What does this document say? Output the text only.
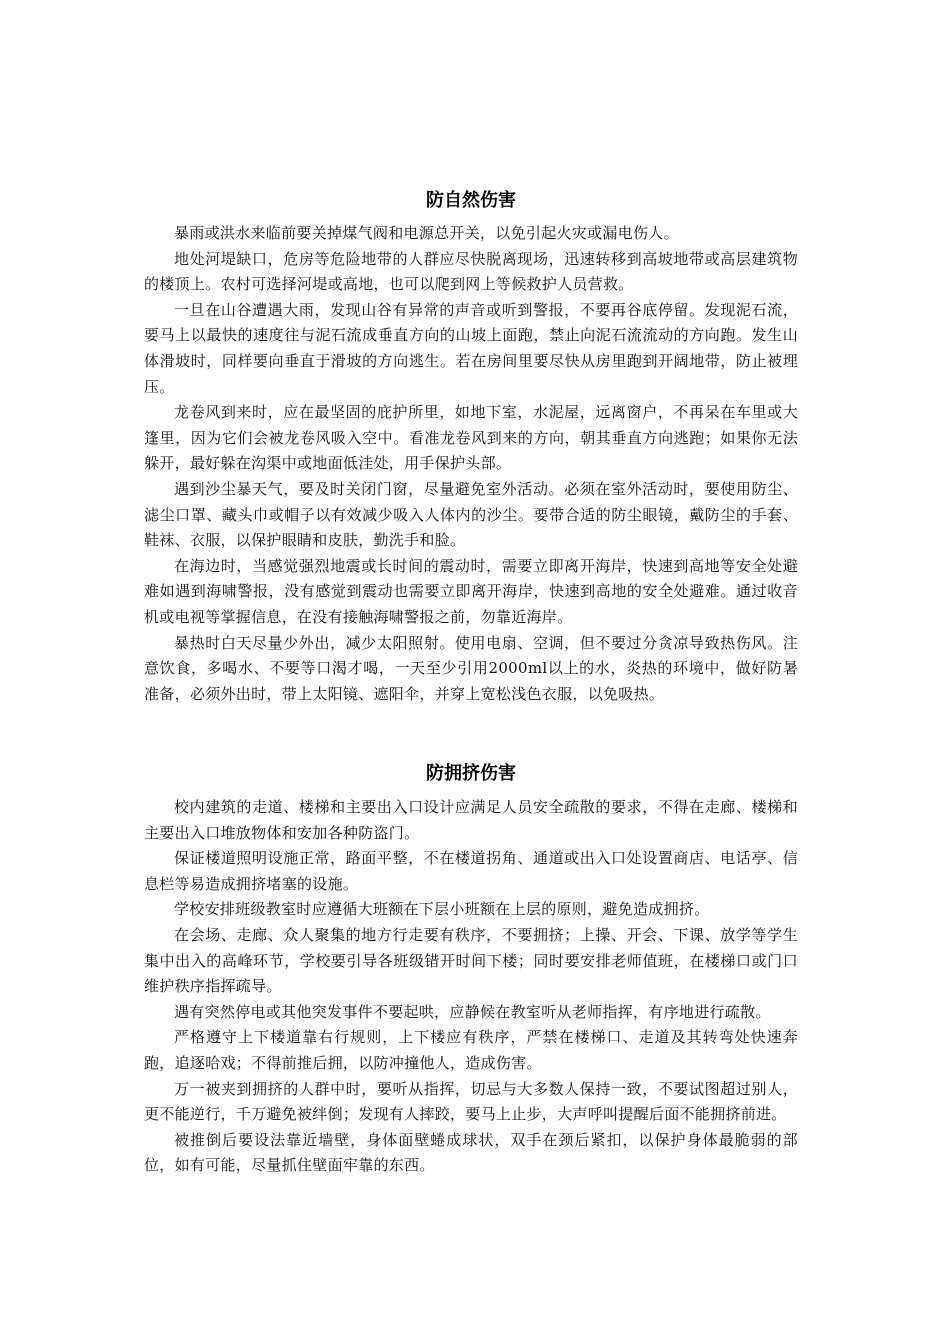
防自然伤害

暴雨或洪水来临前要关掉煤气阀和电源总开关，以免引起火灾或漏电伤人。

地处河堤缺口，危房等危险地带的人群应尽快脱离现场，迅速转移到高坡地带或高层建筑物的楼顶上。农村可选择河堤或高地，也可以爬到网上等候救护人员营救。

一旦在山谷遭遇大雨，发现山谷有异常的声音或听到警报，不要再谷底停留。发现泥石流，要马上以最快的速度往与泥石流成垂直方向的山坡上面跑，禁止向泥石流流动的方向跑。发生山体滑坡时，同样要向垂直于滑坡的方向逃生。若在房间里要尽快从房里跑到开阔地带，防止被埋压。

龙卷风到来时，应在最坚固的庇护所里，如地下室，水泥屋，远离窗户，不再呆在车里或大篷里，因为它们会被龙卷风吸入空中。看准龙卷风到来的方向，朝其垂直方向逃跑；如果你无法躲开，最好躲在沟渠中或地面低洼处，用手保护头部。

遇到沙尘暴天气，要及时关闭门窗，尽量避免室外活动。必须在室外活动时，要使用防尘、滤尘口罩、藏头巾或帽子以有效减少吸入人体内的沙尘。要带合适的防尘眼镜，戴防尘的手套、鞋袜、衣服，以保护眼睛和皮肤，勤洗手和脸。

在海边时，当感觉强烈地震或长时间的震动时，需要立即离开海岸，快速到高地等安全处避难如遇到海啸警报，没有感觉到震动也需要立即离开海岸，快速到高地的安全处避难。通过收音机或电视等掌握信息，在没有接触海啸警报之前，勿靠近海岸。

暴热时白天尽量少外出，减少太阳照射。使用电扇、空调，但不要过分贪凉导致热伤风。注意饮食，多喝水、不要等口渴才喝，一天至少引用2000ml以上的水，炎热的环境中，做好防暑准备，必须外出时，带上太阳镜、遮阳伞，并穿上宽松浅色衣服，以免吸热。

防拥挤伤害

校内建筑的走道、楼梯和主要出入口设计应满足人员安全疏散的要求，不得在走廊、楼梯和主要出入口堆放物体和安加各种防盗门。

保证楼道照明设施正常，路面平整，不在楼道拐角、通道或出入口处设置商店、电话亭、信息栏等易造成拥挤堵塞的设施。

学校安排班级教室时应遵循大班额在下层小班额在上层的原则，避免造成拥挤。

在会场、走廊、众人聚集的地方行走要有秩序，不要拥挤；上操、开会、下课、放学等学生集中出入的高峰环节，学校要引导各班级错开时间下楼；同时要安排老师值班，在楼梯口或门口维护秩序指挥疏导。

遇有突然停电或其他突发事件不要起哄，应静候在教室听从老师指挥，有序地进行疏散。

严格遵守上下楼道靠右行规则，上下楼应有秩序，严禁在楼梯口、走道及其转弯处快速奔跑，追逐哈戏；不得前推后拥，以防冲撞他人，造成伤害。

万一被夹到拥挤的人群中时，要听从指挥，切忌与大多数人保持一致，不要试图超过别人，更不能逆行，千万避免被绊倒；发现有人摔跤，要马上止步，大声呼叫提醒后面不能拥挤前进。

被推倒后要设法靠近墙壁，身体面壁蜷成球状，双手在颈后紧扣，以保护身体最脆弱的部位，如有可能，尽量抓住壁面牢靠的东西。
